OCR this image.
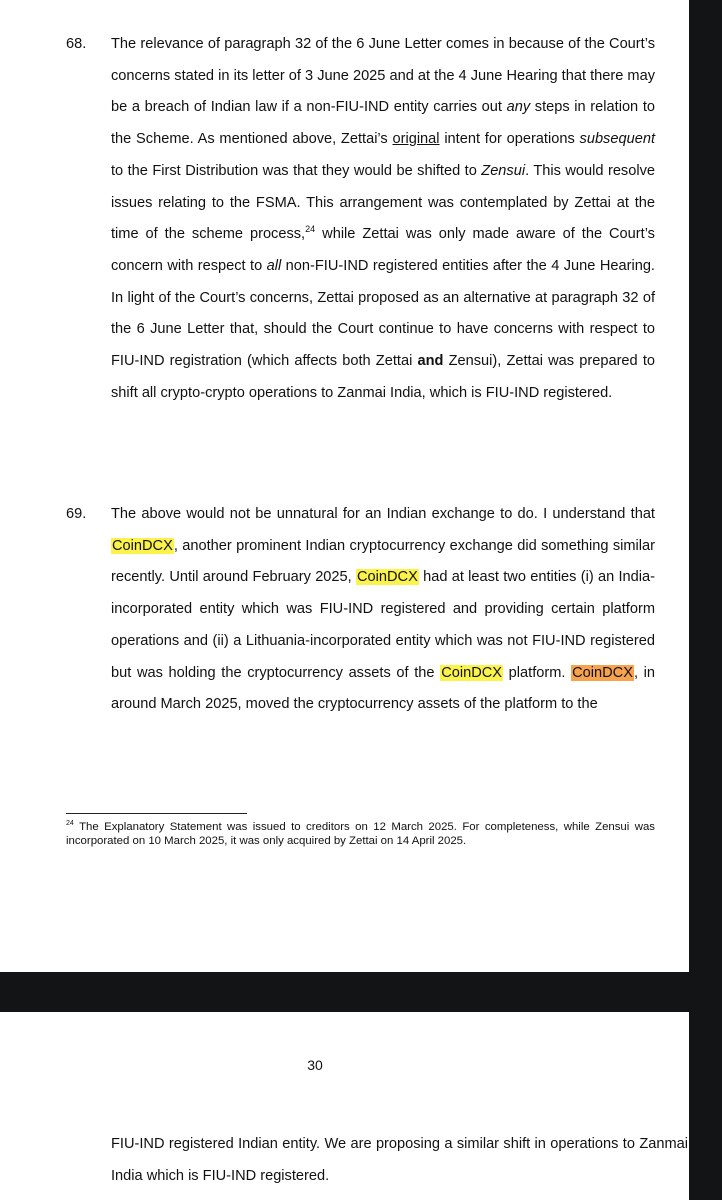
68. The relevance of paragraph 32 of the 6 June Letter comes in because of the Court’s concerns stated in its letter of 3 June 2025 and at the 4 June Hearing that there may be a breach of Indian law if a non-FIU-IND entity carries out any steps in relation to the Scheme. As mentioned above, Zettai’s original intent for operations subsequent to the First Distribution was that they would be shifted to Zensui. This would resolve issues relating to the FSMA. This arrangement was contemplated by Zettai at the time of the scheme process,$^{24}$ while Zettai was only made aware of the Court’s concern with respect to all non-FIU-IND registered entities after the 4 June Hearing. In light of the Court’s concerns, Zettai proposed as an alternative at paragraph 32 of the 6 June Letter that, should the Court continue to have concerns with respect to FIU-IND registration (which affects both Zettai and Zensui), Zettai was prepared to shift all crypto-crypto operations to Zanmai India, which is FIU-IND registered.
69. The above would not be unnatural for an Indian exchange to do. I understand that CoinDCX, another prominent Indian cryptocurrency exchange did something similar recently. Until around February 2025, CoinDCX had at least two entities (i) an India-incorporated entity which was FIU-IND registered and providing certain platform operations and (ii) a Lithuania-incorporated entity which was not FIU-IND registered but was holding the cryptocurrency assets of the CoinDCX platform. CoinDCX, in around March 2025, moved the cryptocurrency assets of the platform to the
$^{24}$ The Explanatory Statement was issued to creditors on 12 March 2025. For completeness, while Zensui was incorporated on 10 March 2025, it was only acquired by Zettai on 14 April 2025.
30
FIU-IND registered Indian entity. We are proposing a similar shift in operations to Zanmai India which is FIU-IND registered.
